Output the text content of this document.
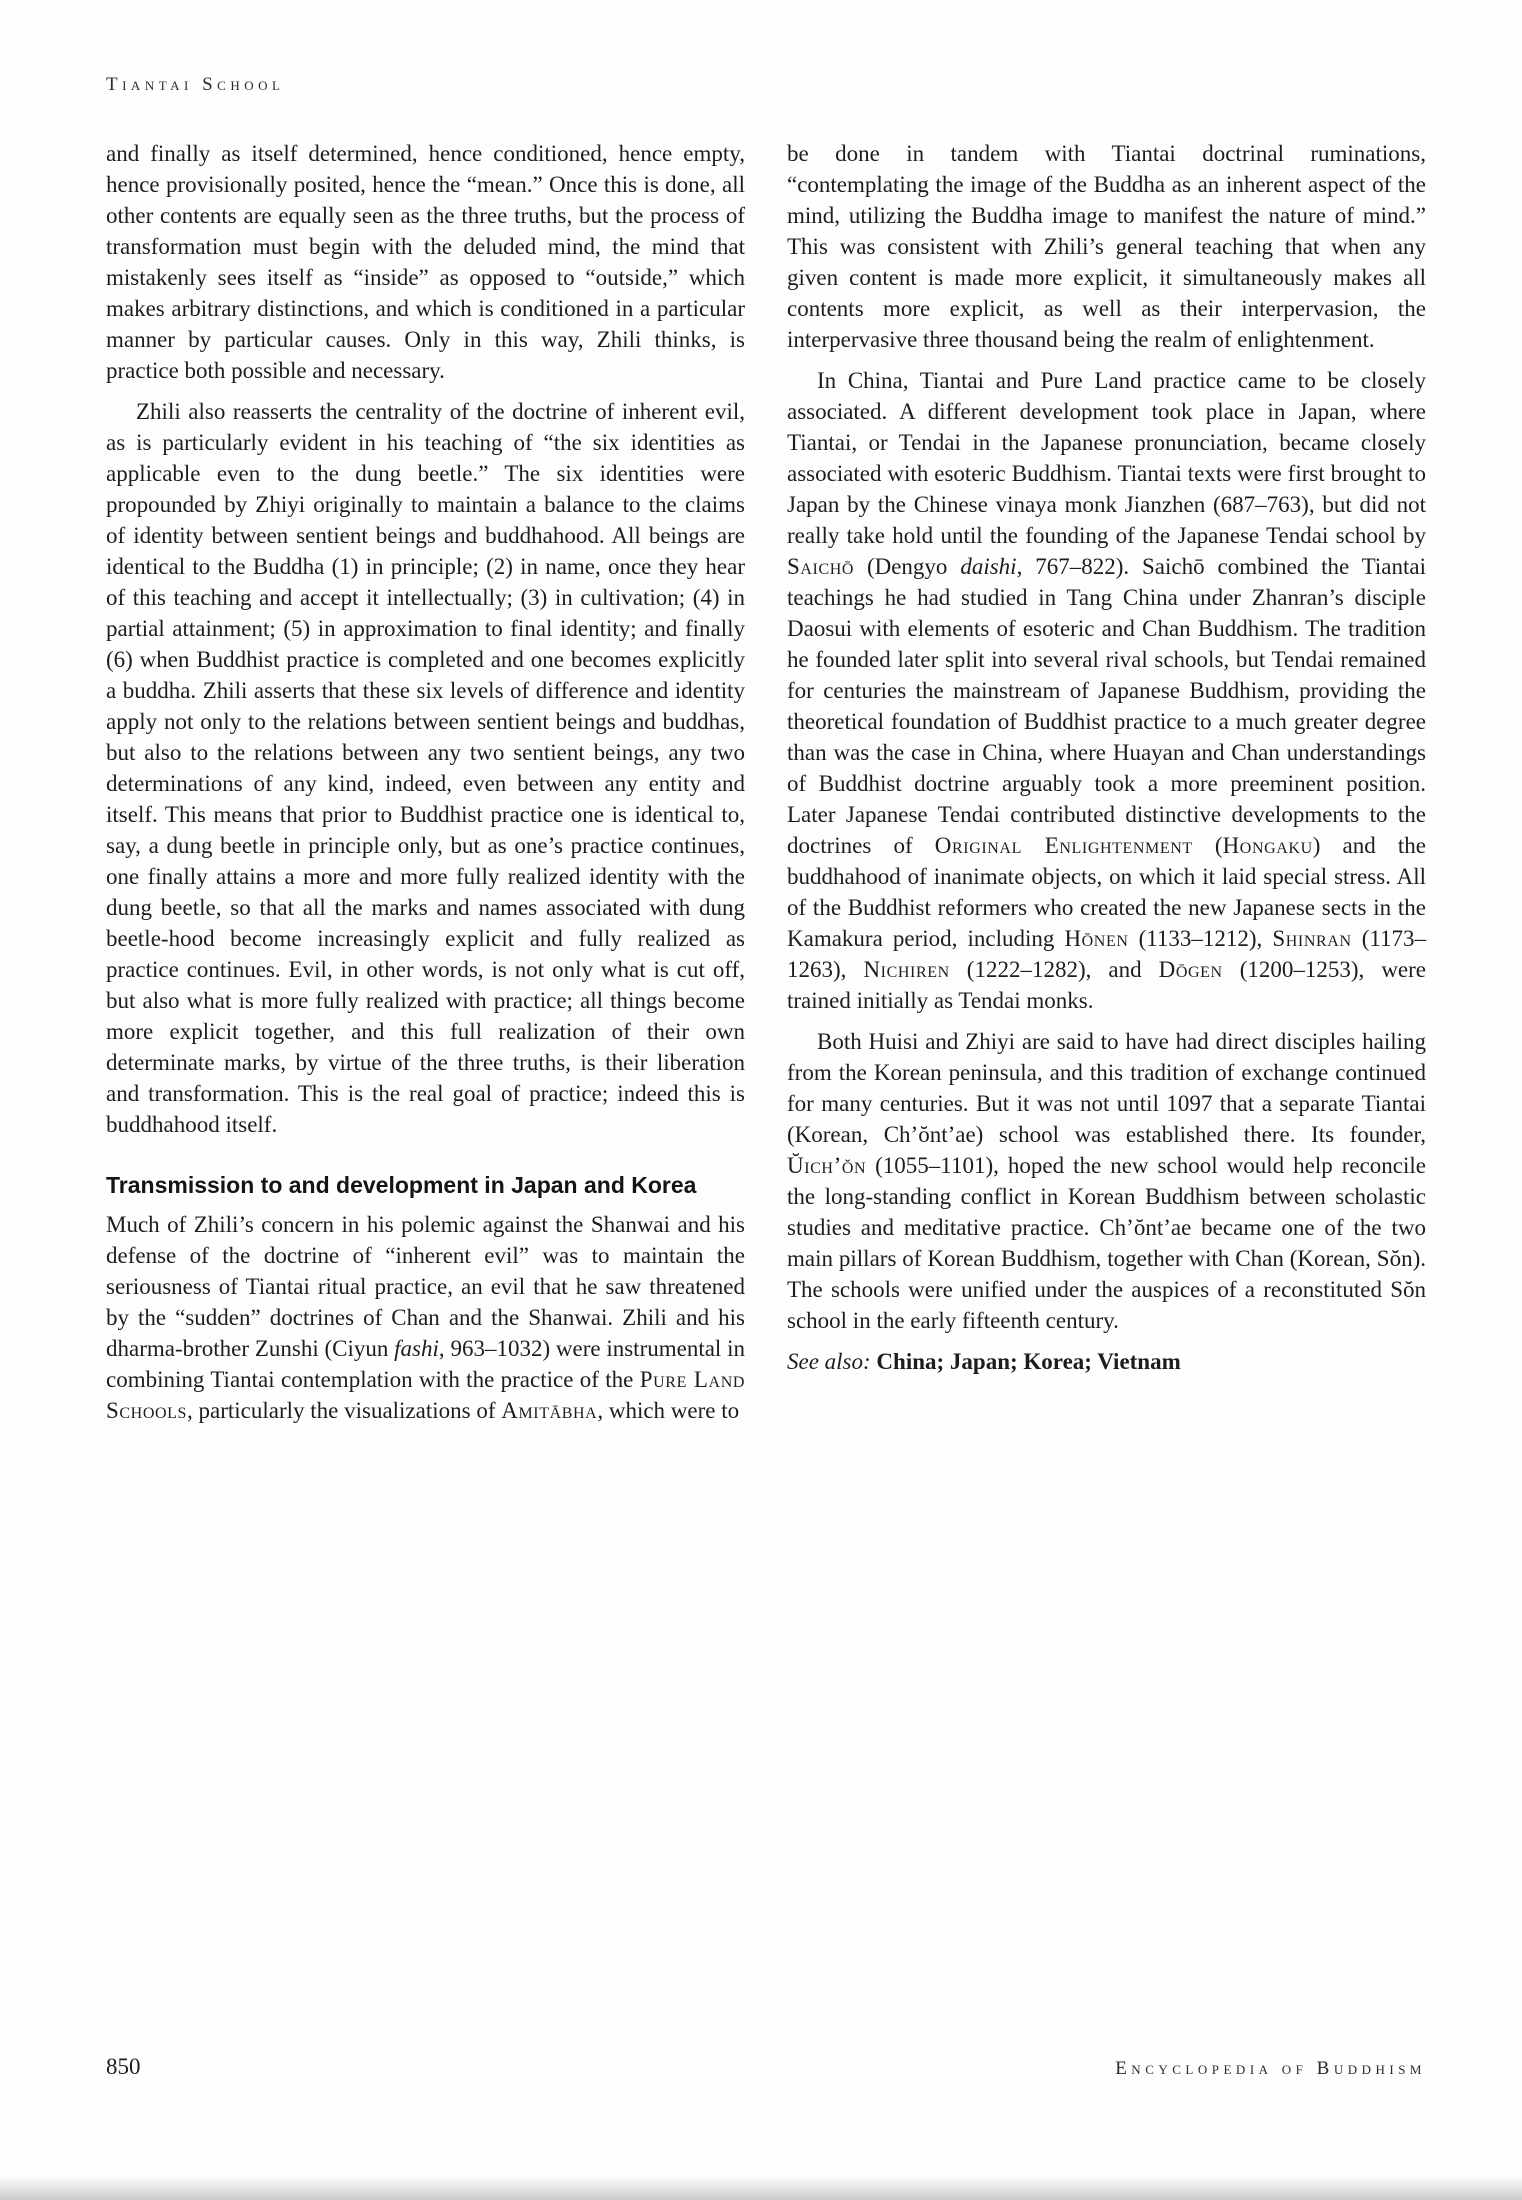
Tiantai School

and finally as itself determined, hence conditioned, hence empty, hence provisionally posited, hence the “mean.” Once this is done, all other contents are equally seen as the three truths, but the process of transformation must begin with the deluded mind, the mind that mistakenly sees itself as “inside” as opposed to “outside,” which makes arbitrary distinctions, and which is conditioned in a particular manner by particular causes. Only in this way, Zhili thinks, is practice both possible and necessary.

Zhili also reasserts the centrality of the doctrine of inherent evil, as is particularly evident in his teaching of “the six identities as applicable even to the dung beetle.” The six identities were propounded by Zhiyi originally to maintain a balance to the claims of identity between sentient beings and buddhahood. All beings are identical to the Buddha (1) in principle; (2) in name, once they hear of this teaching and accept it intellectually; (3) in cultivation; (4) in partial attainment; (5) in approximation to final identity; and finally (6) when Buddhist practice is completed and one becomes explicitly a buddha. Zhili asserts that these six levels of difference and identity apply not only to the relations between sentient beings and buddhas, but also to the relations between any two sentient beings, any two determinations of any kind, indeed, even between any entity and itself. This means that prior to Buddhist practice one is identical to, say, a dung beetle in principle only, but as one’s practice continues, one finally attains a more and more fully realized identity with the dung beetle, so that all the marks and names associated with dung beetle-hood become increasingly explicit and fully realized as practice continues. Evil, in other words, is not only what is cut off, but also what is more fully realized with practice; all things become more explicit together, and this full realization of their own determinate marks, by virtue of the three truths, is their liberation and transformation. This is the real goal of practice; indeed this is buddhahood itself.

Transmission to and development in Japan and Korea

Much of Zhili’s concern in his polemic against the Shanwai and his defense of the doctrine of “inherent evil” was to maintain the seriousness of Tiantai ritual practice, an evil that he saw threatened by the “sudden” doctrines of Chan and the Shanwai. Zhili and his dharma-brother Zunshi (Ciyun fashi, 963–1032) were instrumental in combining Tiantai contemplation with the practice of the Pure Land Schools, particularly the visualizations of Amitābha, which were to

be done in tandem with Tiantai doctrinal ruminations, “contemplating the image of the Buddha as an inherent aspect of the mind, utilizing the Buddha image to manifest the nature of mind.” This was consistent with Zhili’s general teaching that when any given content is made more explicit, it simultaneously makes all contents more explicit, as well as their interpervasion, the interpervasive three thousand being the realm of enlightenment.

In China, Tiantai and Pure Land practice came to be closely associated. A different development took place in Japan, where Tiantai, or Tendai in the Japanese pronunciation, became closely associated with esoteric Buddhism. Tiantai texts were first brought to Japan by the Chinese vinaya monk Jianzhen (687–763), but did not really take hold until the founding of the Japanese Tendai school by Saichō (Dengyo daishi, 767–822). Saichō combined the Tiantai teachings he had studied in Tang China under Zhanran’s disciple Daosui with elements of esoteric and Chan Buddhism. The tradition he founded later split into several rival schools, but Tendai remained for centuries the mainstream of Japanese Buddhism, providing the theoretical foundation of Buddhist practice to a much greater degree than was the case in China, where Huayan and Chan understandings of Buddhist doctrine arguably took a more preeminent position. Later Japanese Tendai contributed distinctive developments to the doctrines of Original Enlightenment (Hongaku) and the buddhahood of inanimate objects, on which it laid special stress. All of the Buddhist reformers who created the new Japanese sects in the Kamakura period, including Hōnen (1133–1212), Shinran (1173–1263), Nichiren (1222–1282), and Dōgen (1200–1253), were trained initially as Tendai monks.

Both Huisi and Zhiyi are said to have had direct disciples hailing from the Korean peninsula, and this tradition of exchange continued for many centuries. But it was not until 1097 that a separate Tiantai (Korean, Ch’ŏnt’ae) school was established there. Its founder, Ŭich’ŏn (1055–1101), hoped the new school would help reconcile the long-standing conflict in Korean Buddhism between scholastic studies and meditative practice. Ch’ŏnt’ae became one of the two main pillars of Korean Buddhism, together with Chan (Korean, Sŏn). The schools were unified under the auspices of a reconstituted Sŏn school in the early fifteenth century.

See also: China; Japan; Korea; Vietnam

850	Encyclopedia of Buddhism
